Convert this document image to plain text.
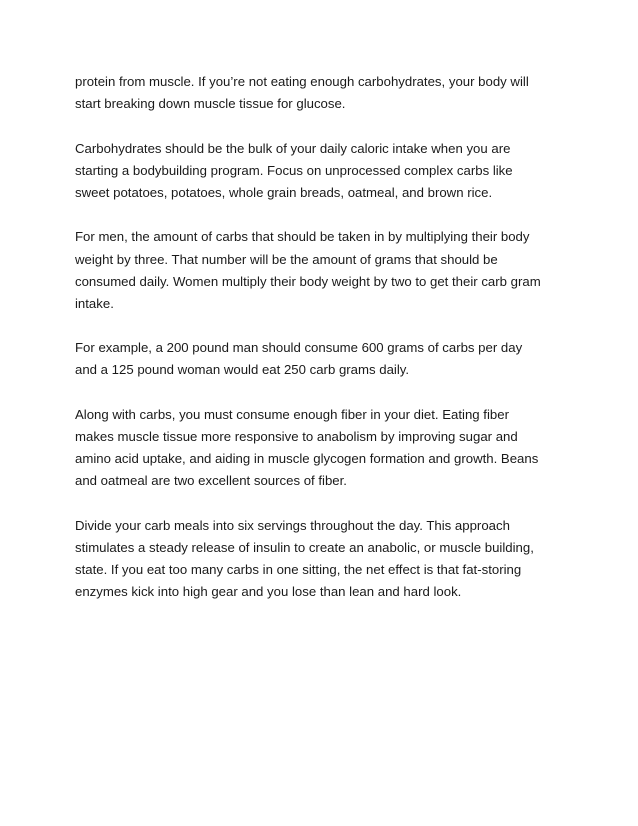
protein from muscle. If you’re not eating enough carbohydrates, your body will
start breaking down muscle tissue for glucose.

Carbohydrates should be the bulk of your daily caloric intake when you are
starting a bodybuilding program. Focus on unprocessed complex carbs like
sweet potatoes, potatoes, whole grain breads, oatmeal, and brown rice.

For men, the amount of carbs that should be taken in by multiplying their body
weight by three. That number will be the amount of grams that should be
consumed daily. Women multiply their body weight by two to get their carb gram
intake.

For example, a 200 pound man should consume 600 grams of carbs per day
and a 125 pound woman would eat 250 carb grams daily.

Along with carbs, you must consume enough fiber in your diet. Eating fiber
makes muscle tissue more responsive to anabolism by improving sugar and
amino acid uptake, and aiding in muscle glycogen formation and growth. Beans
and oatmeal are two excellent sources of fiber.

Divide your carb meals into six servings throughout the day. This approach
stimulates a steady release of insulin to create an anabolic, or muscle building,
state. If you eat too many carbs in one sitting, the net effect is that fat-storing
enzymes kick into high gear and you lose than lean and hard look.
